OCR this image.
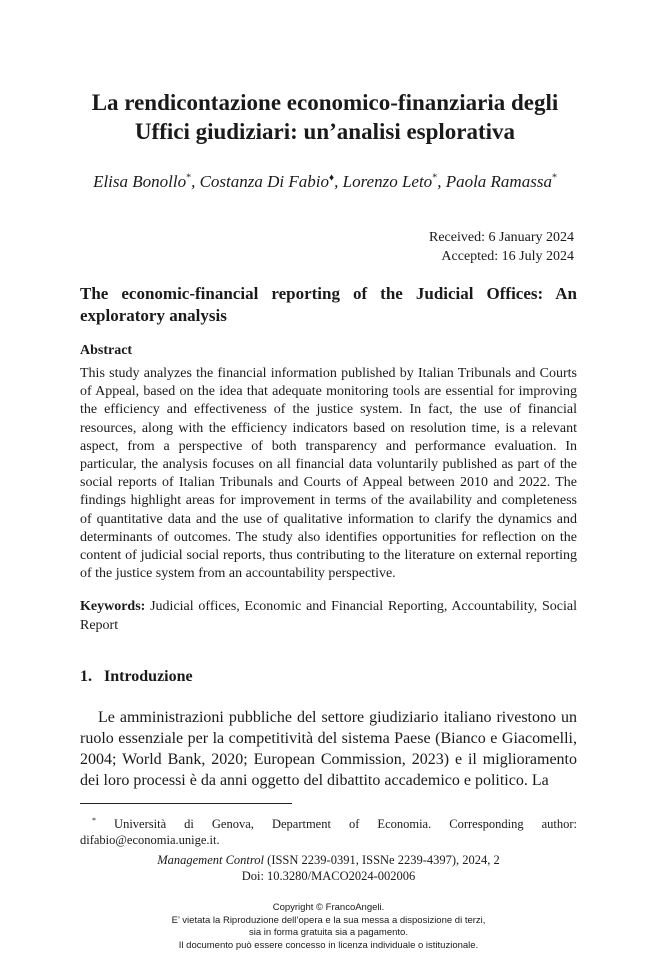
La rendicontazione economico-finanziaria degli
Uffici giudiziari: un’analisi esplorativa
Elisa Bonollo*, Costanza Di Fabio♦, Lorenzo Leto*, Paola Ramassa*
Received: 6 January 2024
Accepted: 16 July 2024
The economic-financial reporting of the Judicial Offices: An exploratory analysis
Abstract
This study analyzes the financial information published by Italian Tribunals and Courts of Appeal, based on the idea that adequate monitoring tools are essential for improving the efficiency and effectiveness of the justice system. In fact, the use of financial resources, along with the efficiency indicators based on resolution time, is a relevant aspect, from a perspective of both transparency and performance evaluation. In particular, the analysis focuses on all financial data voluntarily published as part of the social reports of Italian Tribunals and Courts of Appeal between 2010 and 2022. The findings highlight areas for improvement in terms of the availability and completeness of quantitative data and the use of qualitative information to clarify the dynamics and determinants of outcomes. The study also identifies opportunities for reflection on the content of judicial social reports, thus contributing to the literature on external reporting of the justice system from an accountability perspective.
Keywords: Judicial offices, Economic and Financial Reporting, Accountability, Social Report
1. Introduzione
Le amministrazioni pubbliche del settore giudiziario italiano rivestono un ruolo essenziale per la competitività del sistema Paese (Bianco e Giacomelli, 2004; World Bank, 2020; European Commission, 2023) e il miglioramento dei loro processi è da anni oggetto del dibattito accademico e politico. La
* Università di Genova, Department of Economia. Corresponding author: difabio@economia.unige.it.
Management Control (ISSN 2239-0391, ISSNe 2239-4397), 2024, 2
Doi: 10.3280/MACO2024-002006
Copyright © FrancoAngeli.
E’ vietata la Riproduzione dell’opera e la sua messa a disposizione di terzi,
sia in forma gratuita sia a pagamento.
Il documento può essere concesso in licenza individuale o istituzionale.
